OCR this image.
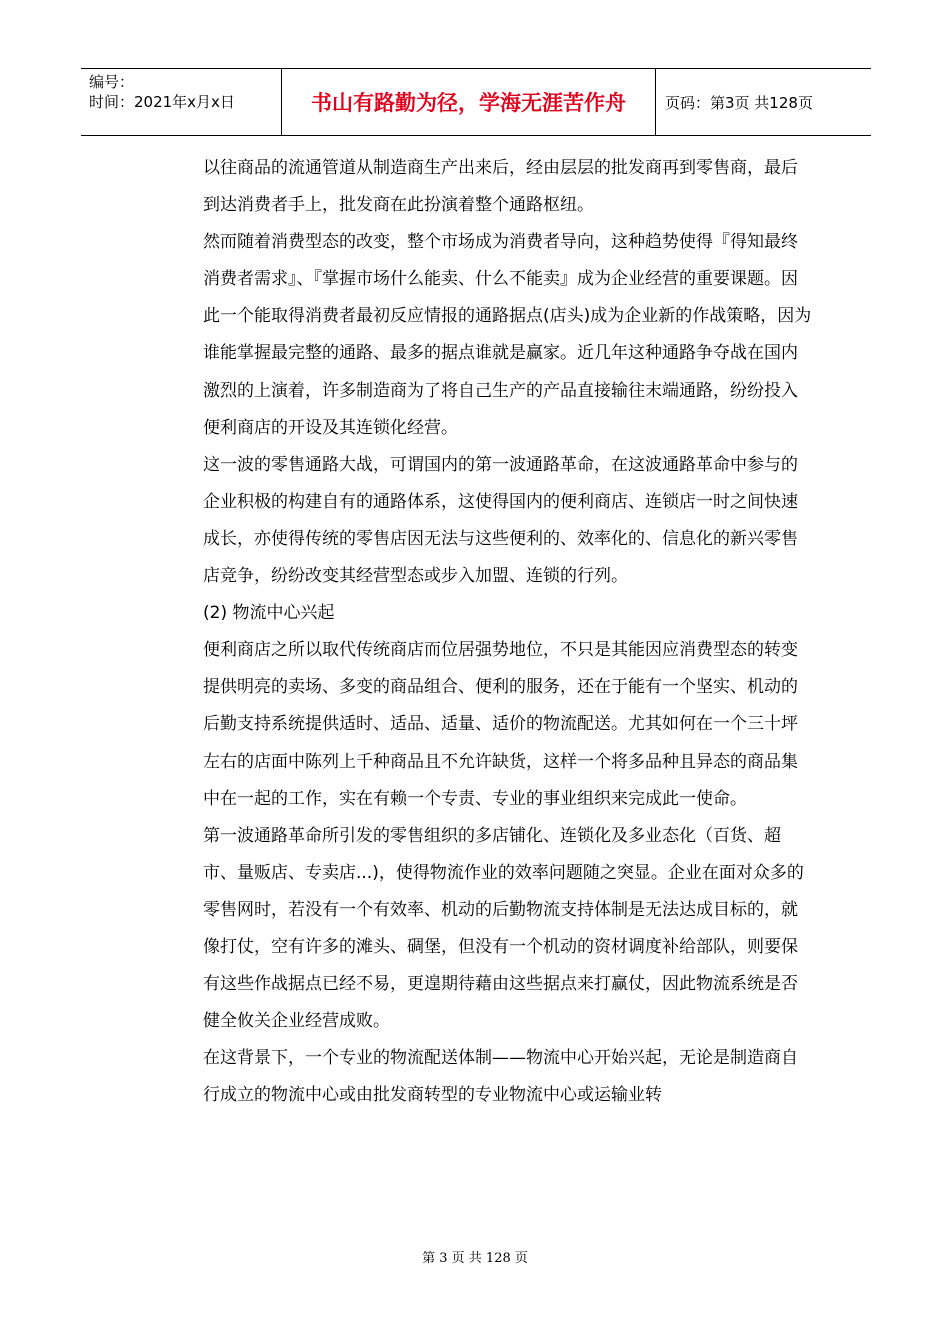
编号：
时间：2021年x月x日	书山有路勤为径，学海无涯苦作舟	页码：第3页 共128页

以往商品的流通管道从制造商生产出来后，经由层层的批发商再到零售商，最后到达消费者手上，批发商在此扮演着整个通路枢纽。

然而随着消费型态的改变，整个市场成为消费者导向，这种趋势使得『得知最终消费者需求』、『掌握市场什么能卖、什么不能卖』成为企业经营的重要课题。因此一个能取得消费者最初反应情报的通路据点(店头)成为企业新的作战策略，因为谁能掌握最完整的通路、最多的据点谁就是赢家。近几年这种通路争夺战在国内激烈的上演着，许多制造商为了将自己生产的产品直接输往末端通路，纷纷投入便利商店的开设及其连锁化经营。

这一波的零售通路大战，可谓国内的第一波通路革命，在这波通路革命中参与的企业积极的构建自有的通路体系，这使得国内的便利商店、连锁店一时之间快速成长，亦使得传统的零售店因无法与这些便利的、效率化的、信息化的新兴零售店竞争，纷纷改变其经营型态或步入加盟、连锁的行列。

(2) 物流中心兴起

便利商店之所以取代传统商店而位居强势地位，不只是其能因应消费型态的转变提供明亮的卖场、多变的商品组合、便利的服务，还在于能有一个坚实、机动的后勤支持系统提供适时、适品、适量、适价的物流配送。尤其如何在一个三十坪左右的店面中陈列上千种商品且不允许缺货，这样一个将多品种且异态的商品集中在一起的工作，实在有赖一个专责、专业的事业组织来完成此一使命。

第一波通路革命所引发的零售组织的多店铺化、连锁化及多业态化（百货、超市、量贩店、专卖店...)，使得物流作业的效率问题随之突显。企业在面对众多的零售网时，若没有一个有效率、机动的后勤物流支持体制是无法达成目标的，就像打仗，空有许多的滩头、碉堡，但没有一个机动的资材调度补给部队，则要保有这些作战据点已经不易，更遑期待藉由这些据点来打赢仗，因此物流系统是否健全攸关企业经营成败。

在这背景下，一个专业的物流配送体制——物流中心开始兴起，无论是制造商自行成立的物流中心或由批发商转型的专业物流中心或运输业转

第 3 页 共 128 页
